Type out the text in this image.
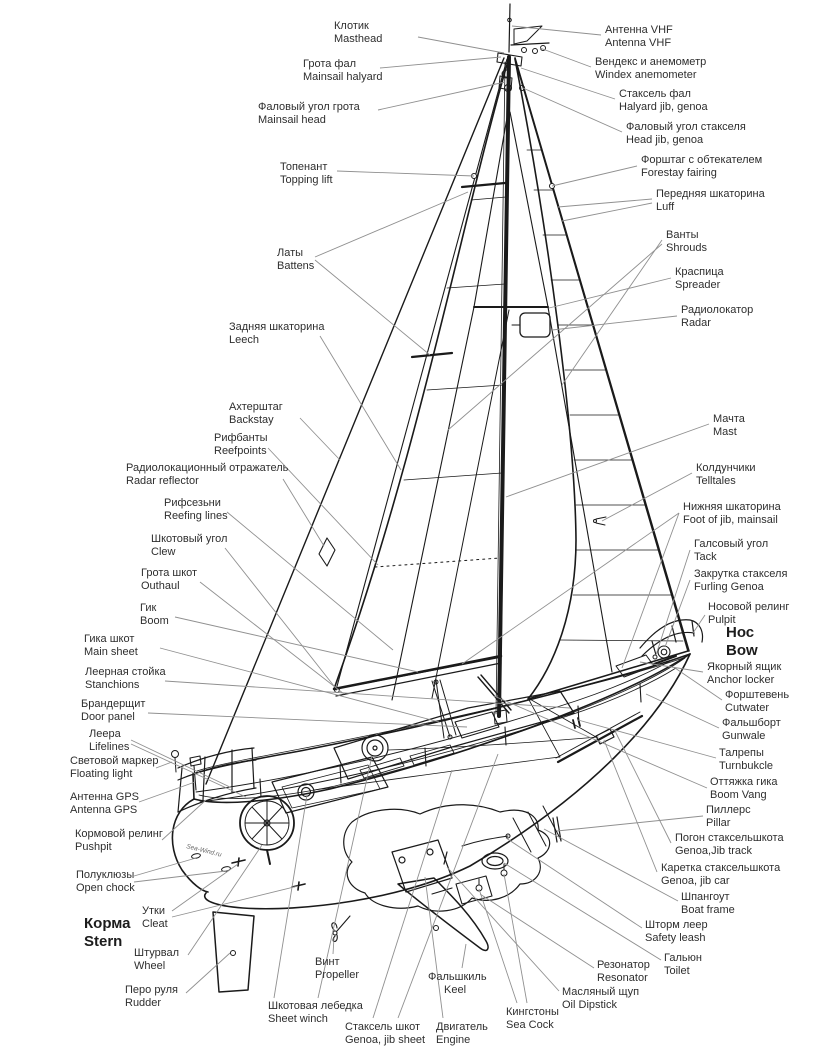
Sea-Wind.ru
Клотик
Masthead
Антенна VHF
Antenna VHF
Грота фал
Mainsail halyard
Вендекс и анемометр
Windex anemometer
Стаксель фал
Halyard jib, genoa
Фаловый угол грота
Mainsail head
Фаловый угол стакселя
Head jib, genoa
Форштаг с обтекателем
Forestay fairing
Топенант
Topping lift
Передняя шкаторина
Luff
Ванты
Shrouds
Латы
Battens	Краспица
Spreader
Радиолокатор
Radar
Задняя шкаторина
Leech
Ахтерштаг
Backstay	Мачта
Mast
Рифбанты
Reefpoints
Радиолокационный отражатель
Radar reflector
Колдунчики
Telltales
Рифсезьни
Reefing lines
Нижняя шкаторина
Foot of jib, mainsail
Шкотовый угол
Clew
Галсовый угол
Tack
Грота шкот
Outhaul
Закрутка стакселя
Furling Genoa
Гик
Boom
Носовой релинг
Pulpit
Нос
Bow
Гика шкот
Main sheet
Якорный ящик
Anchor locker
Леерная стойка
Stanchions
Форштевень
Cutwater
Брандерщит
Door panel	Фальшборт
Gunwale
Леера
Lifelines	Талрепы
Turnbukcle
Световой маркер
Floating light
Оттяжка гика
Boom Vang
Антенна GPS
Antenna GPS	Пиллерс
Pillar
Кормовой релинг
Pushpit
Погон стаксельшкота
Genoa,Jib track
Каретка стаксельшкота
Genoa, jib car
Полуклюзы
Open chock
Шпангоут
Boat frame
Утки
Cleat
Корма
Stern
Шторм леер
Safety leash
Штурвал
Wheel
Гальюн
Toilet
Винт
Propeller
Резонатор
Resonator
Фальшкиль
Keel	Масляный щуп
Oil Dipstick
Перо руля
Rudder	Шкотовая лебедка
Sheet winch
Стаксель шкот
Genoa, jib sheet
Двигатель
Engine
Кингстоны
Sea Cock
